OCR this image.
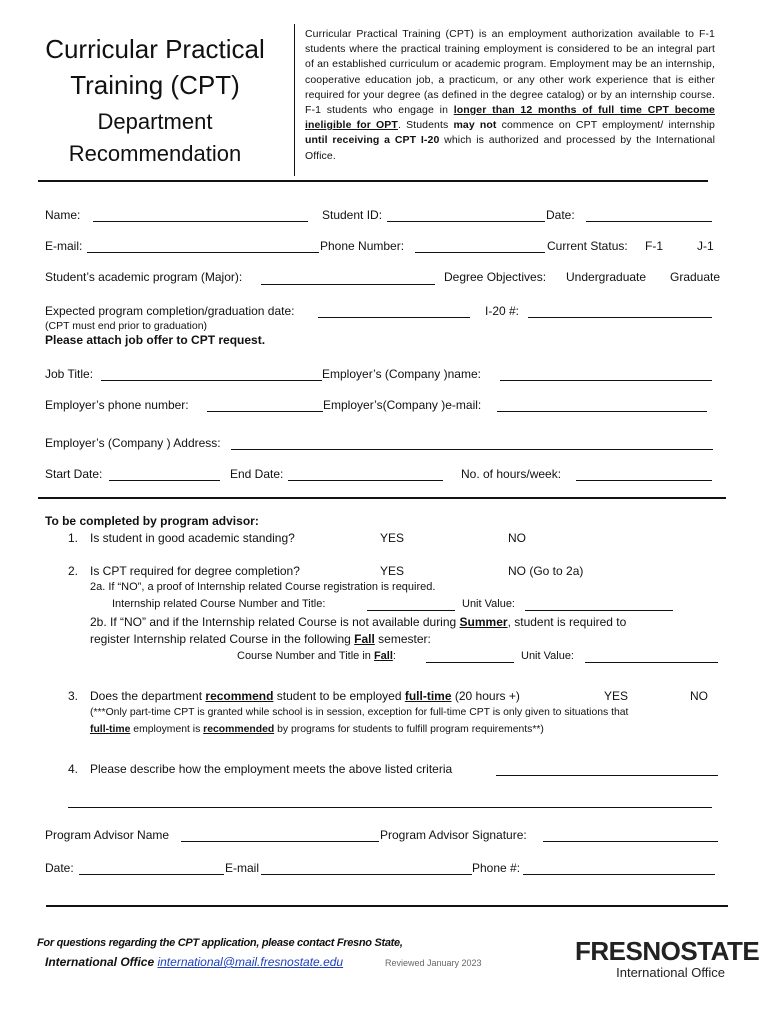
Curricular Practical
Training (CPT)
Department
Recommendation
Curricular Practical Training (CPT) is an employment authorization available to F-1 students where the practical training employment is considered to be an integral part of an established curriculum or academic program. Employment may be an internship, cooperative education job, a practicum, or any other work experience that is either required for your degree (as defined in the degree catalog) or by an internship course. F-1 students who engage in longer than 12 months of full time CPT become ineligible for OPT. Students may not commence on CPT employment/ internship until receiving a CPT I-20 which is authorized and processed by the International Office.
Name:	Student ID:	Date:
E-mail:	Phone Number:	Current Status: F-1	J-1
Student’s academic program (Major):	Degree Objectives: Undergraduate Graduate
Expected program completion/graduation date:	I-20 #:
(CPT must end prior to graduation)
Please attach job offer to CPT request.
Job Title:	Employer’s (Company )name:
Employer’s phone number:	Employer’s(Company )e-mail:
Employer’s (Company ) Address:
Start Date:	End Date:	No. of hours/week:
To be completed by program advisor:
1. Is student in good academic standing?	YES	NO
2. Is CPT required for degree completion?	YES	NO (Go to 2a)
2a. If “NO”, a proof of Internship related Course registration is required.
Internship related Course Number and Title:	Unit Value:
2b. If “NO” and if the Internship related Course is not available during Summer, student is required to
register Internship related Course in the following Fall semester:
Course Number and Title in Fall:	Unit Value:
3. Does the department recommend student to be employed full-time (20 hours +)	YES	NO
(***Only part-time CPT is granted while school is in session, exception for full-time CPT is only given to situations that
full-time employment is recommended by programs for students to fulfill program requirements**)
4. Please describe how the employment meets the above listed criteria
Program Advisor Name	Program Advisor Signature:
Date:	E-mail	Phone #:
For questions regarding the CPT application, please contact Fresno State,
International Office international@mail.fresnostate.edu	Reviewed January 2023	FRESNOSTATE
International Office
